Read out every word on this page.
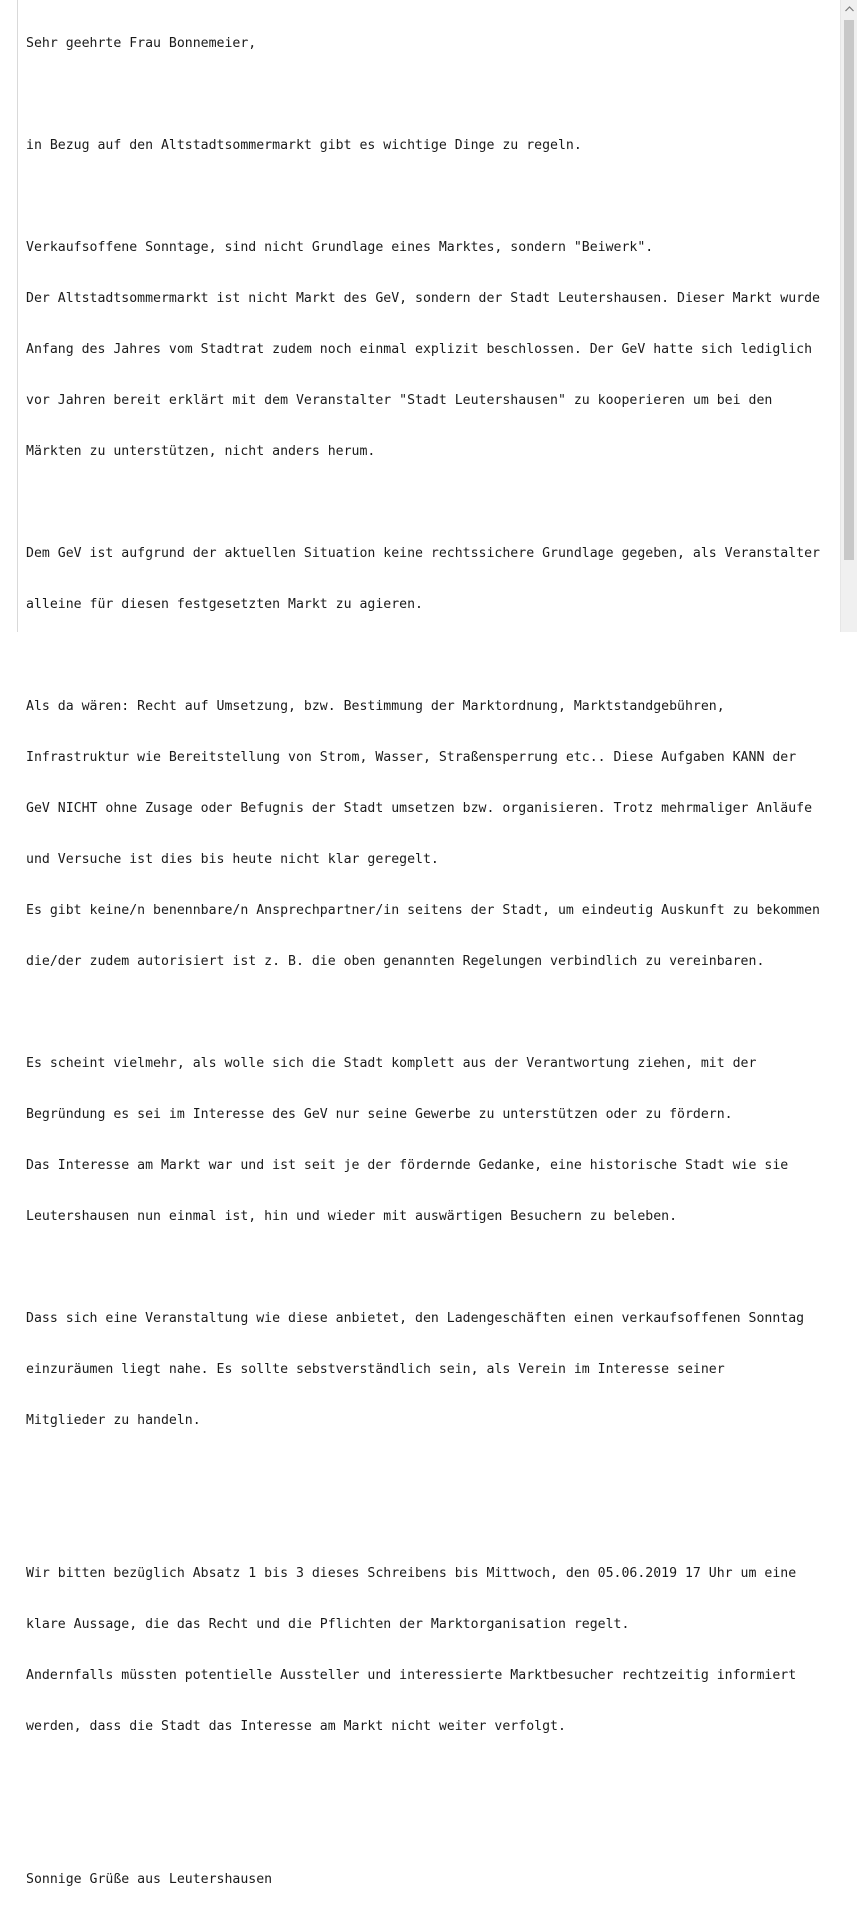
Sehr geehrte Frau Bonnemeier,

in Bezug auf den Altstadtsommermarkt gibt es wichtige Dinge zu regeln.

Verkaufsoffene Sonntage, sind nicht Grundlage eines Marktes, sondern "Beiwerk".

Der Altstadtsommermarkt ist nicht Markt des GeV, sondern der Stadt Leutershausen. Dieser Markt wurde

Anfang des Jahres vom Stadtrat zudem noch einmal explizit beschlossen. Der GeV hatte sich lediglich

vor Jahren bereit erklärt mit dem Veranstalter "Stadt Leutershausen" zu kooperieren um bei den

Märkten zu unterstützen, nicht anders herum.

Dem GeV ist aufgrund der aktuellen Situation keine rechtssichere Grundlage gegeben, als Veranstalter

alleine für diesen festgesetzten Markt zu agieren.

Als da wären: Recht auf Umsetzung, bzw. Bestimmung der Marktordnung, Marktstandgebühren,

Infrastruktur wie Bereitstellung von Strom, Wasser, Straßensperrung etc.. Diese Aufgaben KANN der

GeV NICHT ohne Zusage oder Befugnis der Stadt umsetzen bzw. organisieren. Trotz mehrmaliger Anläufe

und Versuche ist dies bis heute nicht klar geregelt.

Es gibt keine/n benennbare/n Ansprechpartner/in seitens der Stadt, um eindeutig Auskunft zu bekommen

die/der zudem autorisiert ist z. B. die oben genannten Regelungen verbindlich zu vereinbaren.

Es scheint vielmehr, als wolle sich die Stadt komplett aus der Verantwortung ziehen, mit der

Begründung es sei im Interesse des GeV nur seine Gewerbe zu unterstützen oder zu fördern.

Das Interesse am Markt war und ist seit je der fördernde Gedanke, eine historische Stadt wie sie

Leutershausen nun einmal ist, hin und wieder mit auswärtigen Besuchern zu beleben.

Dass sich eine Veranstaltung wie diese anbietet, den Ladengeschäften einen verkaufsoffenen Sonntag

einzuräumen liegt nahe. Es sollte sebstverständlich sein, als Verein im Interesse seiner

Mitglieder zu handeln.

Wir bitten bezüglich Absatz 1 bis 3 dieses Schreibens bis Mittwoch, den 05.06.2019 17 Uhr um eine

klare Aussage, die das Recht und die Pflichten der Marktorganisation regelt.

Andernfalls müssten potentielle Aussteller und interessierte Marktbesucher rechtzeitig informiert

werden, dass die Stadt das Interesse am Markt nicht weiter verfolgt.

Sonnige Grüße aus Leutershausen
